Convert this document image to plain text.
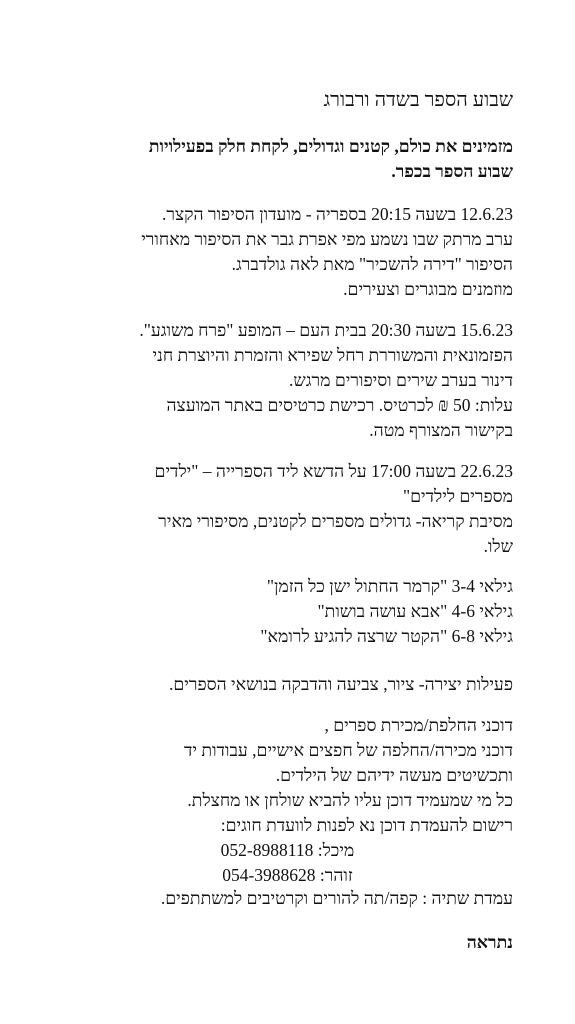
שבוע הספר בשדה ורבורג
מזמינים את כולם, קטנים וגדולים, לקחת חלק בפעילויות
שבוע הספר בכפר.
12.6.23 בשעה 20:15 בספריה - מועדון הסיפור הקצר.
ערב מרתק שבו נשמע מפי אפרת גבר את הסיפור מאחורי
הסיפור "דירה להשכיר" מאת לאה גולדברג.
מוזמנים מבוגרים וצעירים.
15.6.23 בשעה 20:30 בבית העם – המופע "פרח משוגע".
הפזמונאית והמשוררת רחל שפירא והזמרת והיוצרת חני
דינור בערב שירים וסיפורים מרגש.
עלות: 50 ₪ לכרטיס. רכישת כרטיסים באתר המועצה
בקישור המצורף מטה.
22.6.23 בשעה 17:00 על הדשא ליד הספרייה – "ילדים
מספרים לילדים"
מסיבת קריאה- גדולים מספרים לקטנים, מסיפורי מאיר
שלו.
גילאי 3-4 "קרמר החתול ישן כל הזמן"
גילאי 4-6 "אבא עושה בושות"
גילאי 6-8 "הקטר שרצה להגיע לרומא"
פעילות יצירה- ציור, צביעה והדבקה בנושאי הספרים.
דוכני החלפת/מכירת ספרים ,
דוכני מכירה/החלפה של חפצים אישיים, עבודות יד
ותכשיטים מעשה ידיהם של הילדים.
כל מי שמעמיד דוכן עליו להביא שולחן או מחצלת.
רישום להעמדת דוכן נא לפנות לוועדת חוגים:
מיכל: 052-8988118
זוהר: 054-3988628
עמדת שתיה : קפה/תה להורים וקרטיבים למשתתפים.
נתראה
